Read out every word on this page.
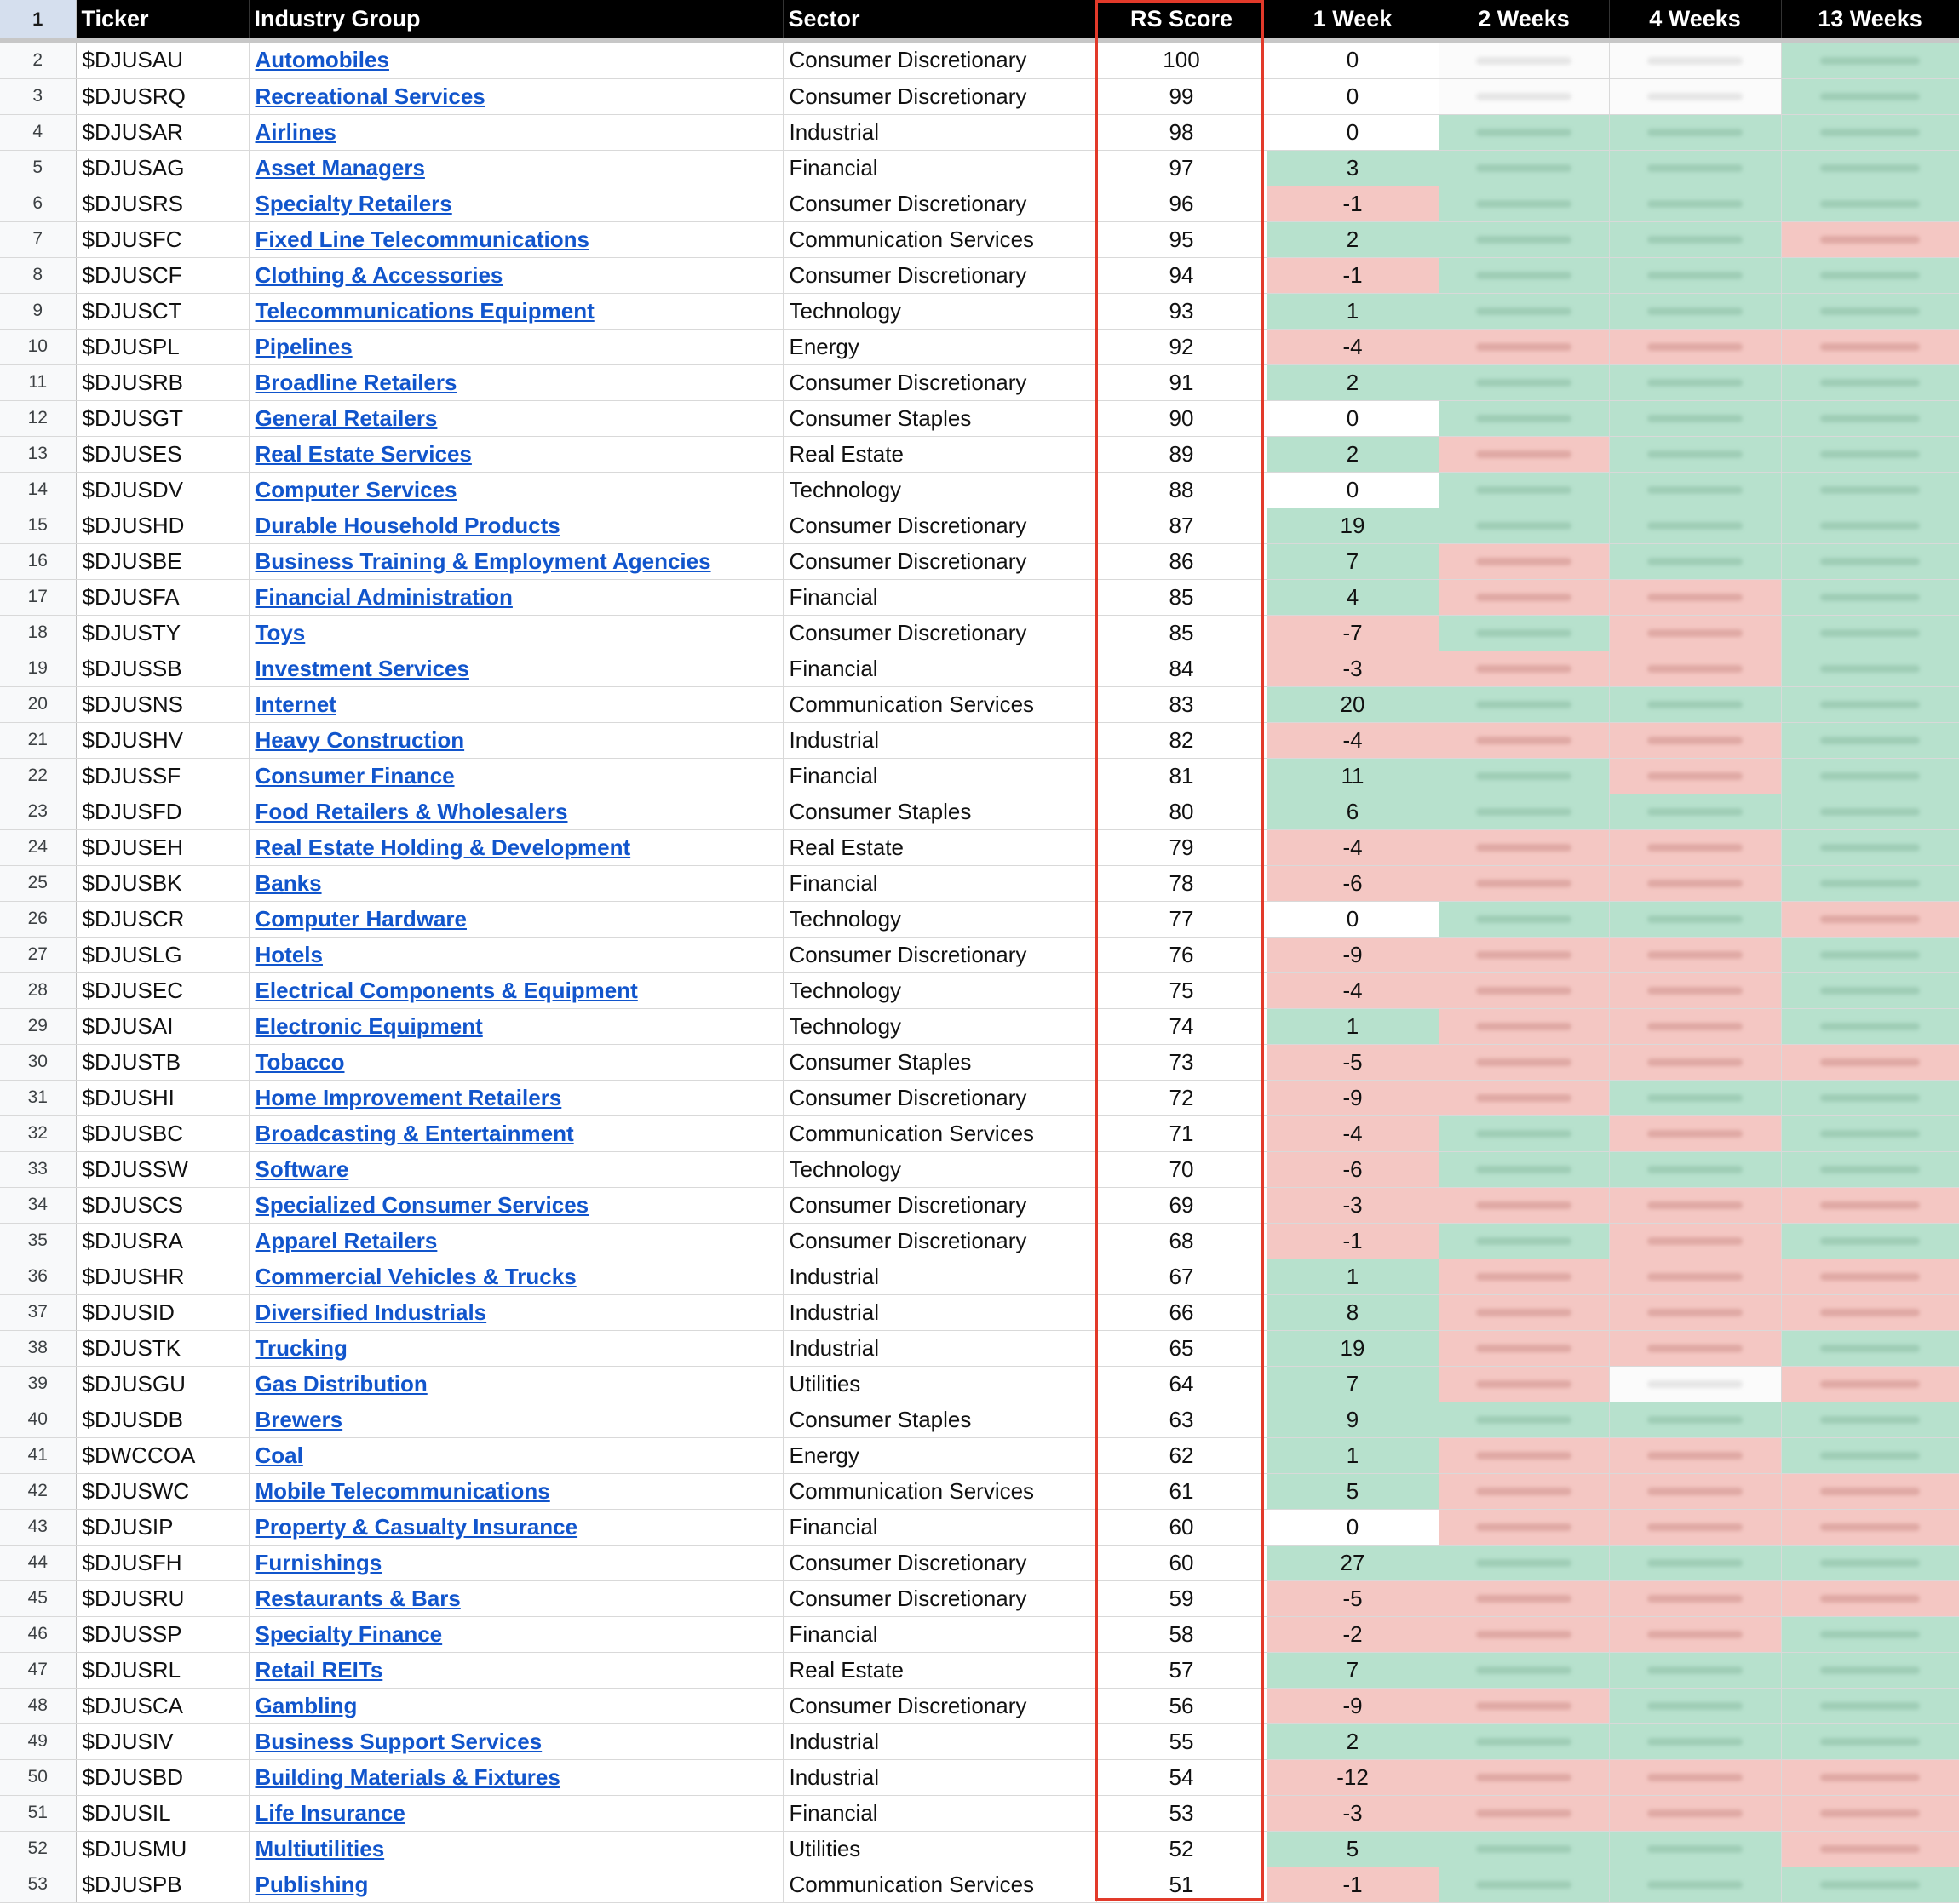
1	Ticker	Industry Group	Sector	RS Score	1 Week	2 Weeks	4 Weeks	13 Weeks

2	$DJUSAU	Automobiles	Consumer Discretionary	100	0	

3	$DJUSRQ	Recreational Services	Consumer Discretionary	99	0	

4	$DJUSAR	Airlines	Industrial	98	0	

5	$DJUSAG	Asset Managers	Financial	97	3	

6	$DJUSRS	Specialty Retailers	Consumer Discretionary	96	-1	

7	$DJUSFC	Fixed Line Telecommunications	Communication Services	95	2	

8	$DJUSCF	Clothing & Accessories	Consumer Discretionary	94	-1	

9	$DJUSCT	Telecommunications Equipment	Technology	93	1	

10	$DJUSPL	Pipelines	Energy	92	-4	

11	$DJUSRB	Broadline Retailers	Consumer Discretionary	91	2	

12	$DJUSGT	General Retailers	Consumer Staples	90	0	

13	$DJUSES	Real Estate Services	Real Estate	89	2	

14	$DJUSDV	Computer Services	Technology	88	0	

15	$DJUSHD	Durable Household Products	Consumer Discretionary	87	19	

16	$DJUSBE	Business Training & Employment Agencies	Consumer Discretionary	86	7	

17	$DJUSFA	Financial Administration	Financial	85	4	

18	$DJUSTY	Toys	Consumer Discretionary	85	-7	

19	$DJUSSB	Investment Services	Financial	84	-3	

20	$DJUSNS	Internet	Communication Services	83	20	

21	$DJUSHV	Heavy Construction	Industrial	82	-4	

22	$DJUSSF	Consumer Finance	Financial	81	11	

23	$DJUSFD	Food Retailers & Wholesalers	Consumer Staples	80	6	

24	$DJUSEH	Real Estate Holding & Development	Real Estate	79	-4	

25	$DJUSBK	Banks	Financial	78	-6	

26	$DJUSCR	Computer Hardware	Technology	77	0	

27	$DJUSLG	Hotels	Consumer Discretionary	76	-9	

28	$DJUSEC	Electrical Components & Equipment	Technology	75	-4	

29	$DJUSAI	Electronic Equipment	Technology	74	1	

30	$DJUSTB	Tobacco	Consumer Staples	73	-5	

31	$DJUSHI	Home Improvement Retailers	Consumer Discretionary	72	-9	

32	$DJUSBC	Broadcasting & Entertainment	Communication Services	71	-4	

33	$DJUSSW	Software	Technology	70	-6	

34	$DJUSCS	Specialized Consumer Services	Consumer Discretionary	69	-3	

35	$DJUSRA	Apparel Retailers	Consumer Discretionary	68	-1	

36	$DJUSHR	Commercial Vehicles & Trucks	Industrial	67	1	

37	$DJUSID	Diversified Industrials	Industrial	66	8	

38	$DJUSTK	Trucking	Industrial	65	19	

39	$DJUSGU	Gas Distribution	Utilities	64	7	

40	$DJUSDB	Brewers	Consumer Staples	63	9	

41	$DWCCOA	Coal	Energy	62	1	

42	$DJUSWC	Mobile Telecommunications	Communication Services	61	5	

43	$DJUSIP	Property & Casualty Insurance	Financial	60	0	

44	$DJUSFH	Furnishings	Consumer Discretionary	60	27	

45	$DJUSRU	Restaurants & Bars	Consumer Discretionary	59	-5	

46	$DJUSSP	Specialty Finance	Financial	58	-2	

47	$DJUSRL	Retail REITs	Real Estate	57	7	

48	$DJUSCA	Gambling	Consumer Discretionary	56	-9	

49	$DJUSIV	Business Support Services	Industrial	55	2	

50	$DJUSBD	Building Materials & Fixtures	Industrial	54	-12	

51	$DJUSIL	Life Insurance	Financial	53	-3	

52	$DJUSMU	Multiutilities	Utilities	52	5	

53	$DJUSPB	Publishing	Communication Services	51	-1	
